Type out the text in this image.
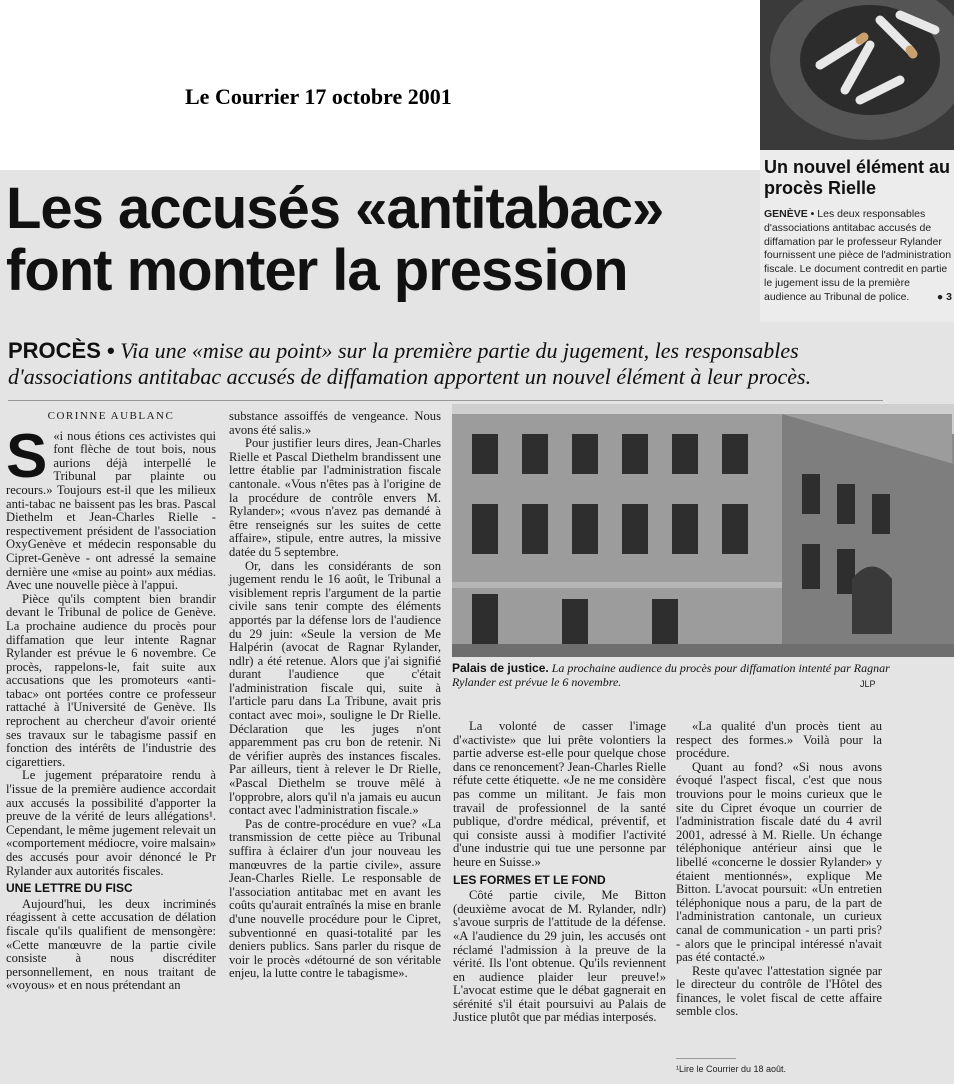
Le Courrier 17 octobre 2001
Un nouvel élément au procès Rielle
GENÈVE • Les deux responsables d'associations antitabac accusés de diffamation par le professeur Rylander fournissent une pièce de l'administration fiscale. Le document contredit en partie le jugement issu de la première audience au Tribunal de police.	● 3
Les accusés «antitabac» font monter la pression
PROCÈS • Via une «mise au point» sur la première partie du jugement, les responsables d'associations antitabac accusés de diffamation apportent un nouvel élément à leur procès.
CORINNE AUBLANC
S «i nous étions ces activistes qui font flèche de tout bois, nous aurions déjà interpellé le Tribunal par plainte ou recours.» Toujours est-il que les milieux anti-tabac ne baissent pas les bras. Pascal Diethelm et Jean-Charles Rielle - respectivement président de l'association OxyGenève et médecin responsable du Cipret-Genève - ont adressé la semaine dernière une «mise au point» aux médias. Avec une nouvelle pièce à l'appui.

Pièce qu'ils comptent bien brandir devant le Tribunal de police de Genève. La prochaine audience du procès pour diffamation que leur intente Ragnar Rylander est prévue le 6 novembre. Ce procès, rappelons-le, fait suite aux accusations que les promoteurs «anti-tabac» ont portées contre ce professeur rattaché à l'Université de Genève. Ils reprochent au chercheur d'avoir orienté ses travaux sur le tabagisme passif en fonction des intérêts de l'industrie des cigarettiers.

Le jugement préparatoire rendu à l'issue de la première audience accordait aux accusés la possibilité d'apporter la preuve de la vérité de leurs allégations¹. Cependant, le même jugement relevait un «comportement médiocre, voire malsain» des accusés pour avoir dénoncé le Pr Rylander aux autorités fiscales.

UNE LETTRE DU FISC

Aujourd'hui, les deux incriminés réagissent à cette accusation de délation fiscale qu'ils qualifient de mensongère: «Cette manœuvre de la partie civile consiste à nous discréditer personnellement, en nous traitant de «voyous» et en nous prétendant an

substance assoiffés de vengeance. Nous avons été salis.»

Pour justifier leurs dires, Jean-Charles Rielle et Pascal Diethelm brandissent une lettre établie par l'administration fiscale cantonale. «Vous n'êtes pas à l'origine de la procédure de contrôle envers M. Rylander»; «vous n'avez pas demandé à être renseignés sur les suites de cette affaire», stipule, entre autres, la missive datée du 5 septembre.

Or, dans les considérants de son jugement rendu le 16 août, le Tribunal a visiblement repris l'argument de la partie civile sans tenir compte des éléments apportés par la défense lors de l'audience du 29 juin: «Seule la version de Me Halpérin (avocat de Ragnar Rylander, ndlr) a été retenue. Alors que j'ai signifié durant l'audience que c'était l'administration fiscale qui, suite à l'article paru dans La Tribune, avait pris contact avec moi», souligne le Dr Rielle. Déclaration que les juges n'ont apparemment pas cru bon de retenir. Ni de vérifier auprès des instances fiscales. Par ailleurs, tient à relever le Dr Rielle, «Pascal Diethelm se trouve mêlé à l'opprobre, alors qu'il n'a jamais eu aucun contact avec l'administration fiscale.»

Pas de contre-procédure en vue? «La transmission de cette pièce au Tribunal suffira à éclairer d'un jour nouveau les manœuvres de la partie civile», assure Jean-Charles Rielle. Le responsable de l'association antitabac met en avant les coûts qu'aurait entraînés la mise en branle d'une nouvelle procédure pour le Cipret, subventionné en quasi-totalité par les deniers publics. Sans parler du risque de voir le procès «détourné de son véritable enjeu, la lutte contre le tabagisme».

Palais de justice. La prochaine audience du procès pour diffamation intenté par Ragnar Rylander est prévue le 6 novembre.	JLP

La volonté de casser l'image d'«activiste» que lui prête volontiers la partie adverse est-elle pour quelque chose dans ce renoncement? Jean-Charles Rielle réfute cette étiquette. «Je ne me considère pas comme un militant. Je fais mon travail de professionnel de la santé publique, d'ordre médical, préventif, et qui consiste aussi à modifier l'activité d'une industrie qui tue une personne par heure en Suisse.»

LES FORMES ET LE FOND

Côté partie civile, Me Bitton (deuxième avocat de M. Rylander, ndlr) s'avoue surpris de l'attitude de la défense. «A l'audience du 29 juin, les accusés ont réclamé l'admission à la preuve de la vérité. Ils l'ont obtenue. Qu'ils reviennent en audience plaider leur preuve!» L'avocat estime que le débat gagnerait en sérénité s'il était poursuivi au Palais de Justice plutôt que par médias interposés.

«La qualité d'un procès tient au respect des formes.» Voilà pour la procédure.

Quant au fond? «Si nous avons évoqué l'aspect fiscal, c'est que nous trouvions pour le moins curieux que le site du Cipret évoque un courrier de l'administration fiscale daté du 4 avril 2001, adressé à M. Rielle. Un échange téléphonique antérieur ainsi que le libellé «concerne le dossier Rylander» y étaient mentionnés», explique Me Bitton. L'avocat poursuit: «Un entretien téléphonique nous a paru, de la part de l'administration cantonale, un curieux canal de communication - un parti pris? - alors que le principal intéressé n'avait pas été contacté.»

Reste qu'avec l'attestation signée par le directeur du contrôle de l'Hôtel des finances, le volet fiscal de cette affaire semble clos.

¹Lire le Courrier du 18 août.
